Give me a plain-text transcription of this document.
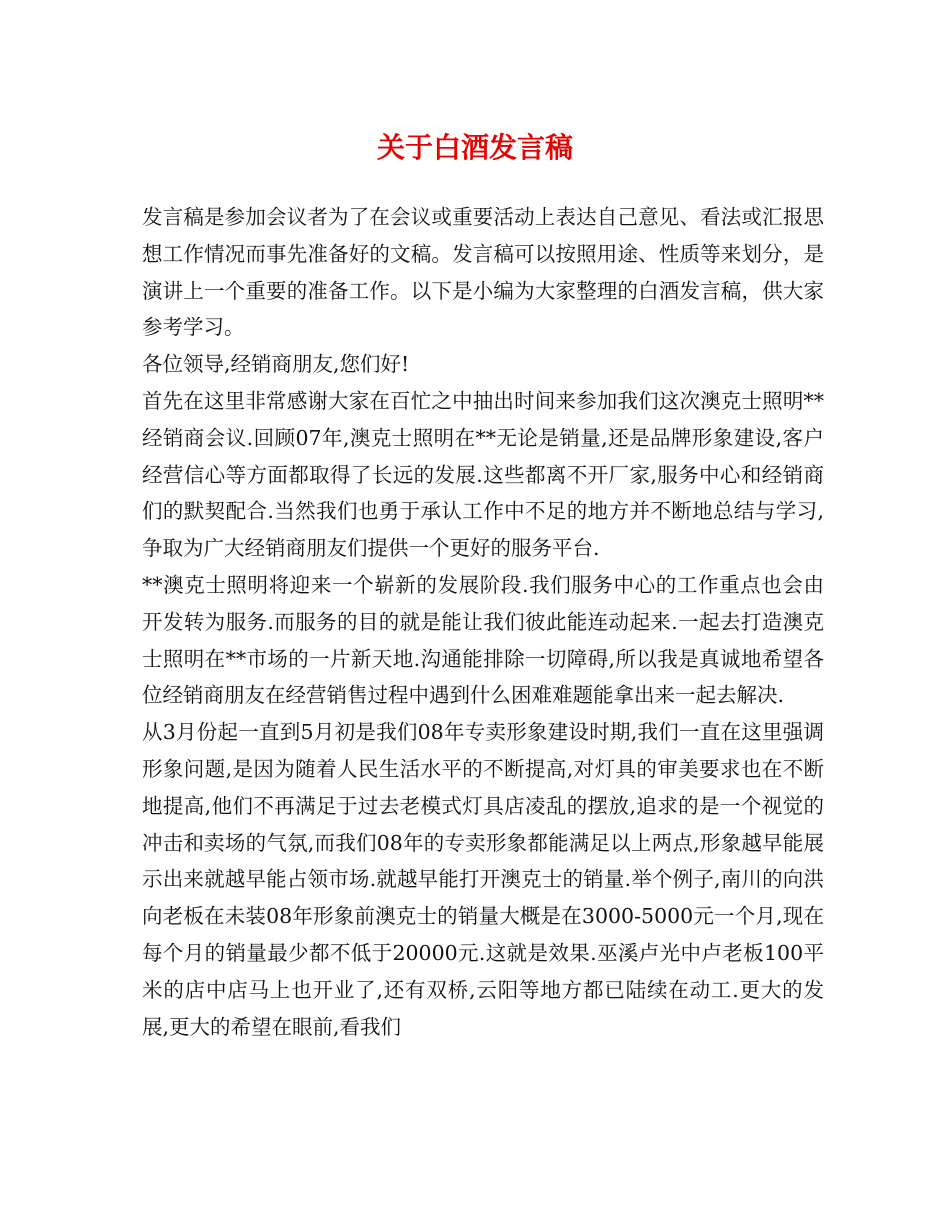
关于白酒发言稿

发言稿是参加会议者为了在会议或重要活动上表达自己意见、看法或汇报思想工作情况而事先准备好的文稿。发言稿可以按照用途、性质等来划分，是演讲上一个重要的准备工作。以下是小编为大家整理的白酒发言稿，供大家参考学习。

各位领导,经销商朋友,您们好!

首先在这里非常感谢大家在百忙之中抽出时间来参加我们这次澳克士照明**经销商会议.回顾07年,澳克士照明在**无论是销量,还是品牌形象建设,客户经营信心等方面都取得了长远的发展.这些都离不开厂家,服务中心和经销商们的默契配合.当然我们也勇于承认工作中不足的地方并不断地总结与学习,争取为广大经销商朋友们提供一个更好的服务平台.

**澳克士照明将迎来一个崭新的发展阶段.我们服务中心的工作重点也会由开发转为服务.而服务的目的就是能让我们彼此能连动起来.一起去打造澳克士照明在**市场的一片新天地.沟通能排除一切障碍,所以我是真诚地希望各位经销商朋友在经营销售过程中遇到什么困难难题能拿出来一起去解决.

从3月份起一直到5月初是我们08年专卖形象建设时期,我们一直在这里强调形象问题,是因为随着人民生活水平的不断提高,对灯具的审美要求也在不断地提高,他们不再满足于过去老模式灯具店凌乱的摆放,追求的是一个视觉的冲击和卖场的气氛,而我们08年的专卖形象都能满足以上两点,形象越早能展示出来就越早能占领市场.就越早能打开澳克士的销量.举个例子,南川的向洪向老板在未装08年形象前澳克士的销量大概是在3000-5000元一个月,现在每个月的销量最少都不低于20000元.这就是效果.巫溪卢光中卢老板100平米的店中店马上也开业了,还有双桥,云阳等地方都已陆续在动工.更大的发展,更大的希望在眼前,看我们
